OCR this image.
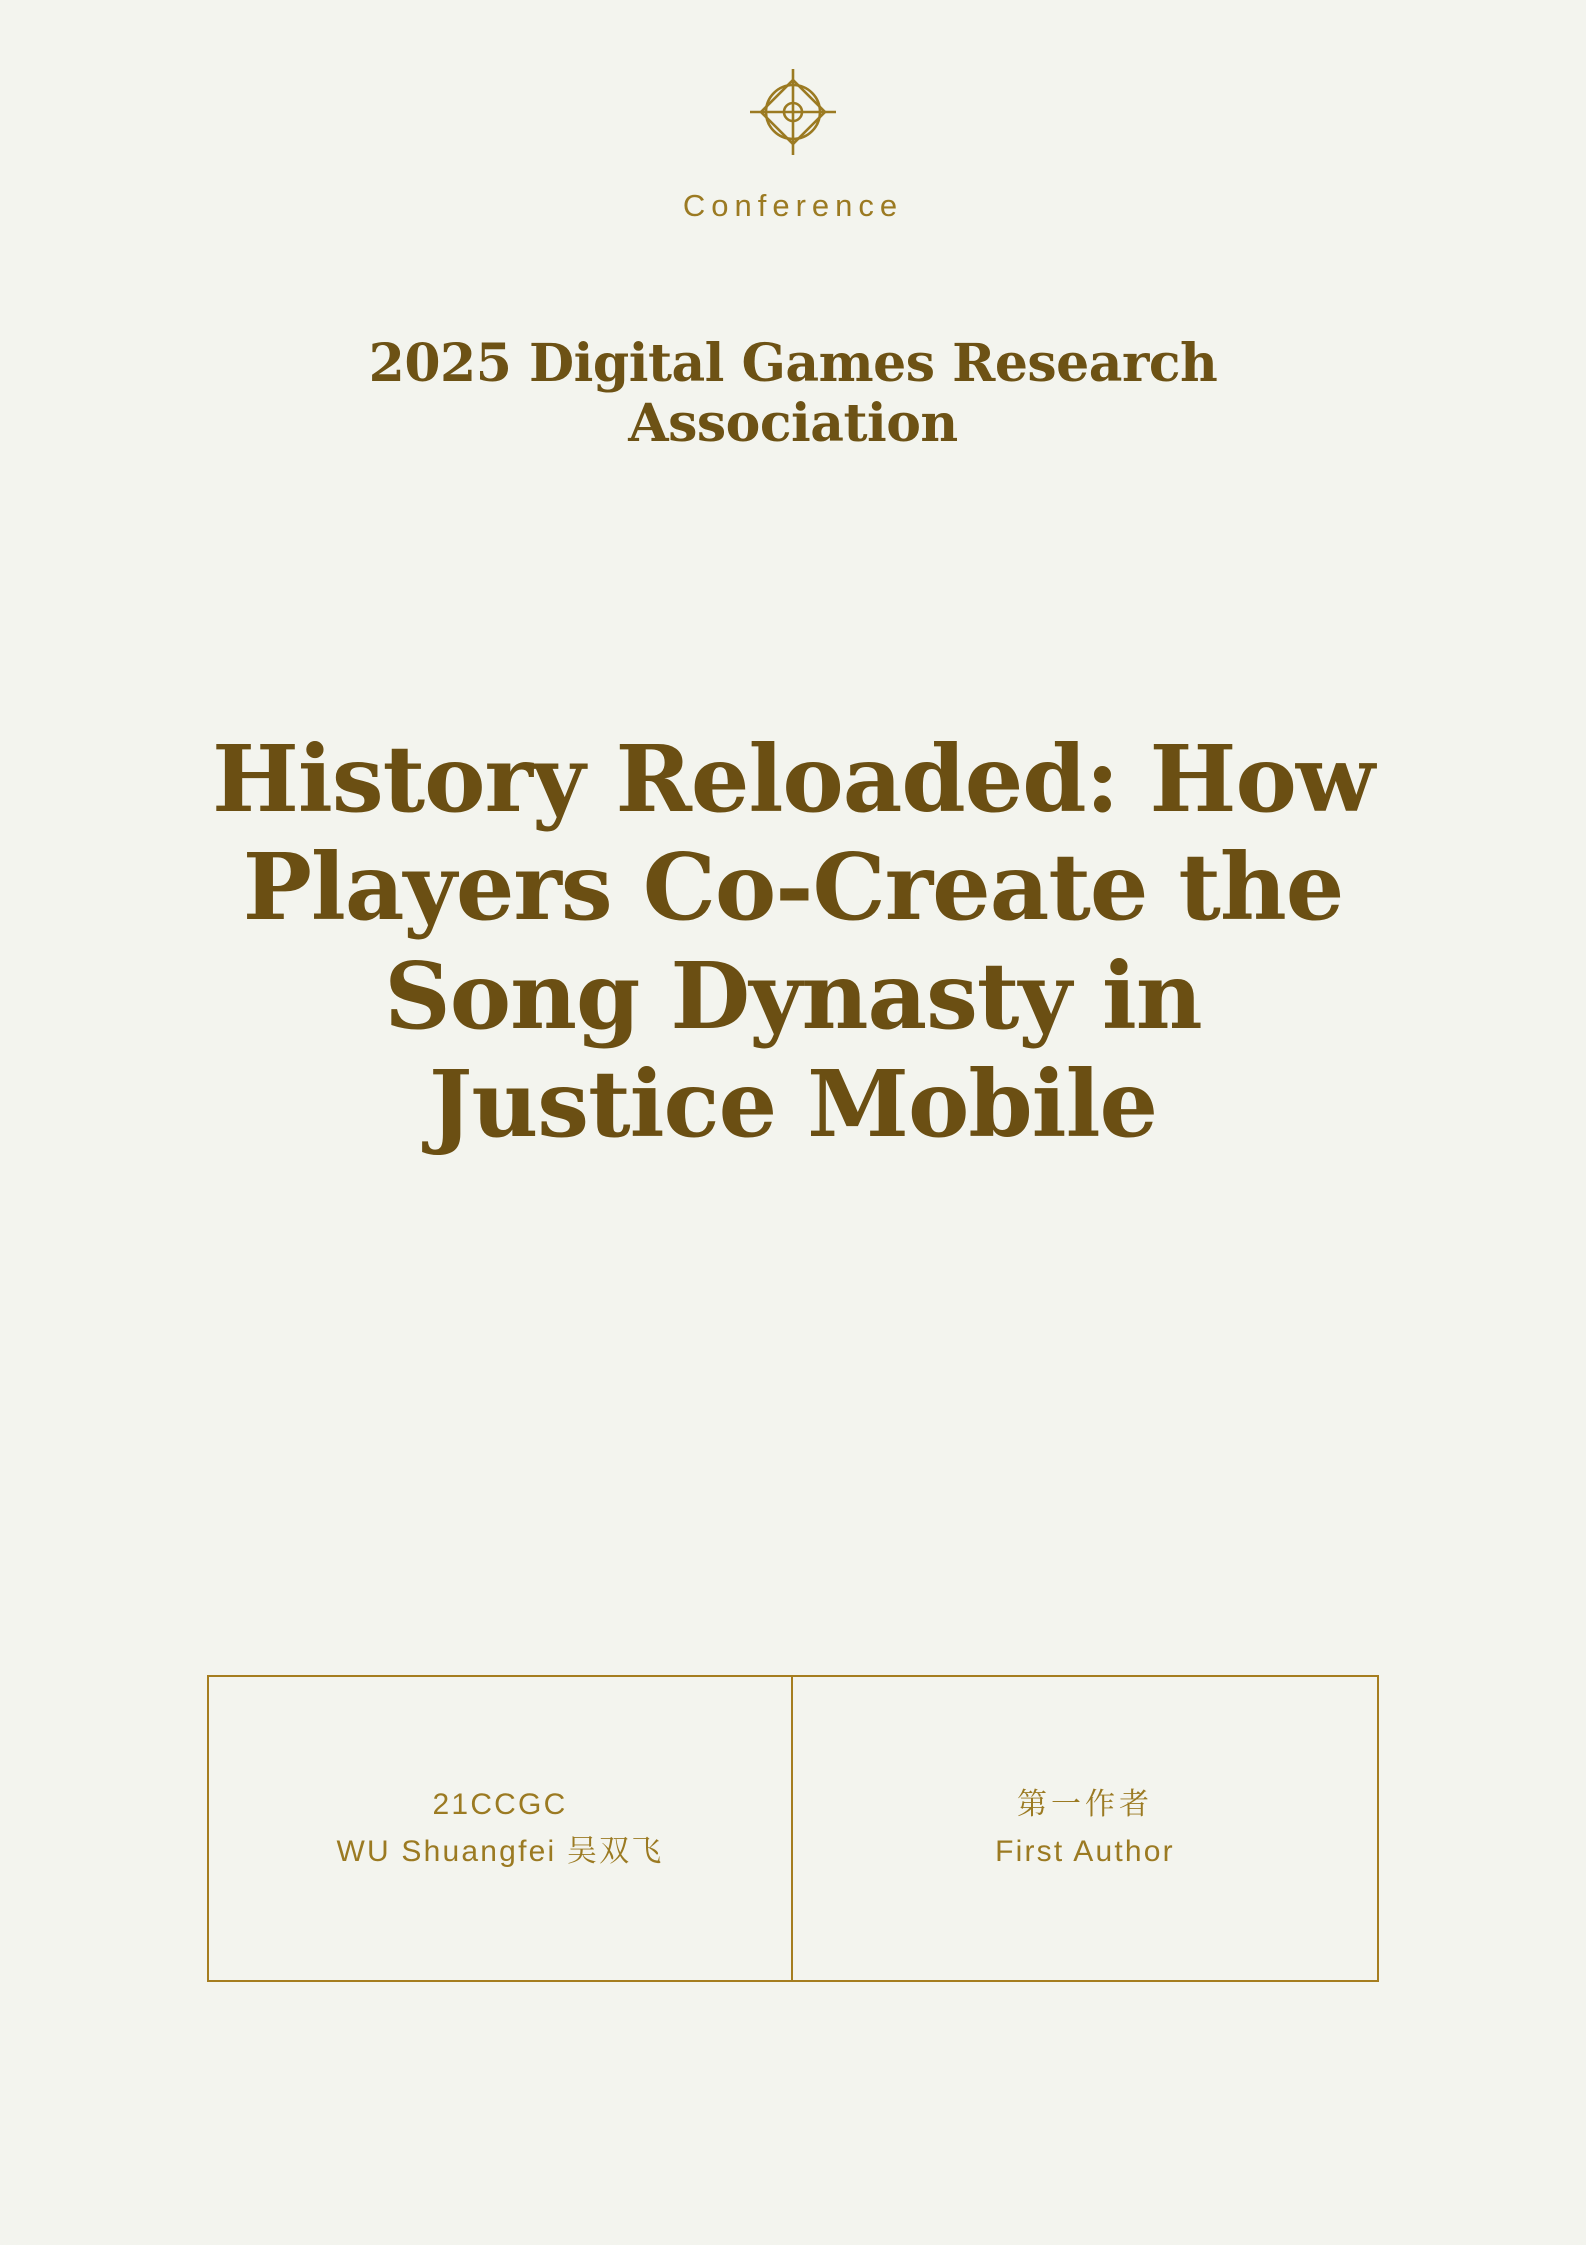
Conference
2025 Digital Games Research Association
History Reloaded: How Players Co-Create the Song Dynasty in Justice Mobile
21CCGC
WU Shuangfei 吴双飞
第一作者
First Author
